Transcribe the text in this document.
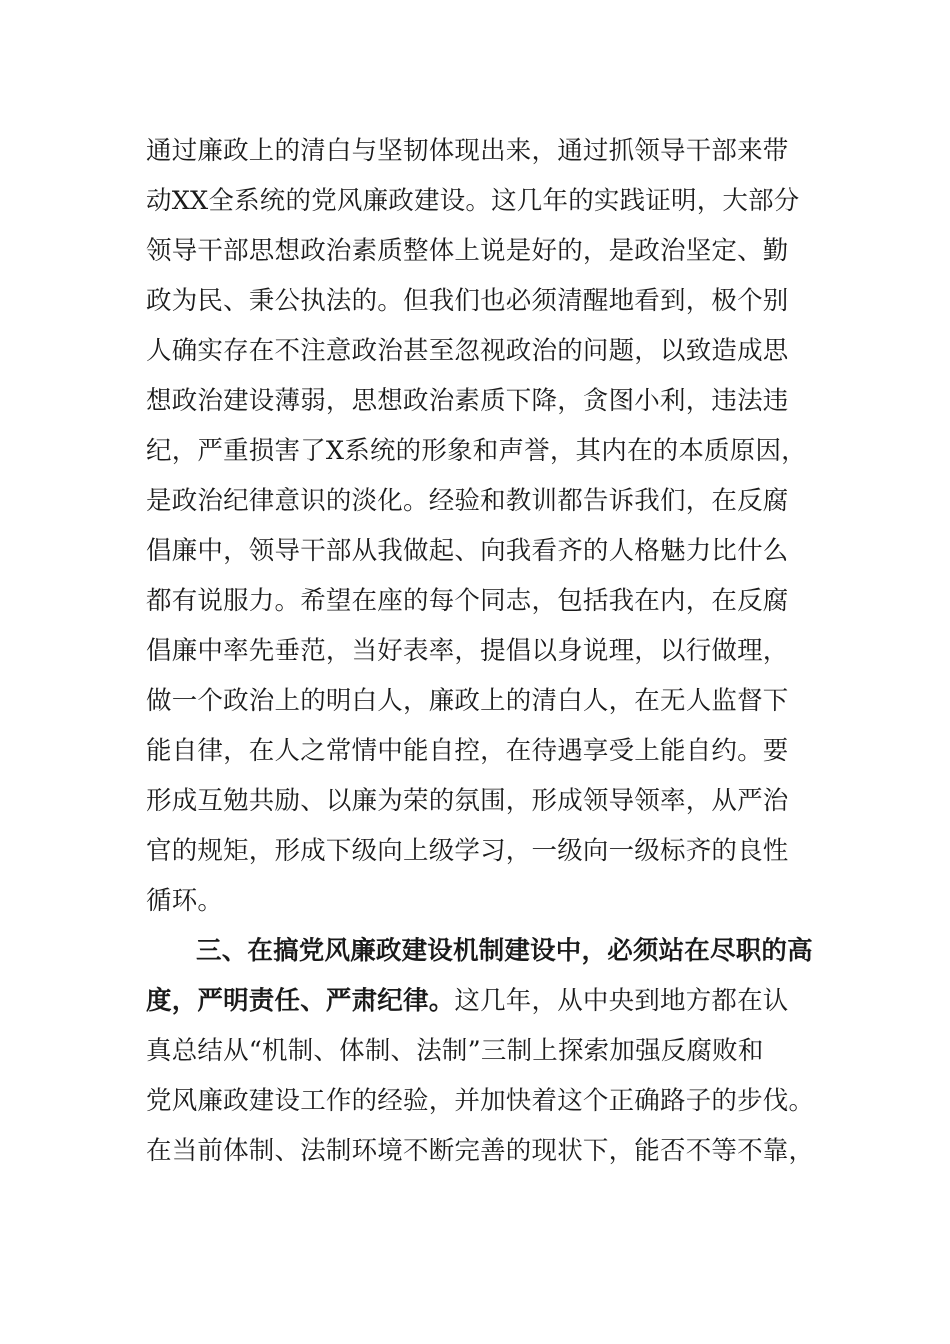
通过廉政上的清白与坚韧体现出来，通过抓领导干部来带
动XX全系统的党风廉政建设。这几年的实践证明，大部分
领导干部思想政治素质整体上说是好的，是政治坚定、勤
政为民、秉公执法的。但我们也必须清醒地看到，极个别
人确实存在不注意政治甚至忽视政治的问题，以致造成思
想政治建设薄弱，思想政治素质下降，贪图小利，违法违
纪，严重损害了X系统的形象和声誉，其内在的本质原因，
是政治纪律意识的淡化。经验和教训都告诉我们，在反腐
倡廉中，领导干部从我做起、向我看齐的人格魅力比什么
都有说服力。希望在座的每个同志，包括我在内，在反腐
倡廉中率先垂范，当好表率，提倡以身说理，以行做理，
做一个政治上的明白人，廉政上的清白人，在无人监督下
能自律，在人之常情中能自控，在待遇享受上能自约。要
形成互勉共励、以廉为荣的氛围，形成领导领率，从严治
官的规矩，形成下级向上级学习，一级向一级标齐的良性
循环。
三、在搞党风廉政建设机制建设中，必须站在尽职的高
度，严明责任、严肃纪律。这几年，从中央到地方都在认
真总结从“机制、体制、法制”三制上探索加强反腐败和
党风廉政建设工作的经验，并加快着这个正确路子的步伐。
在当前体制、法制环境不断完善的现状下，能否不等不靠，
